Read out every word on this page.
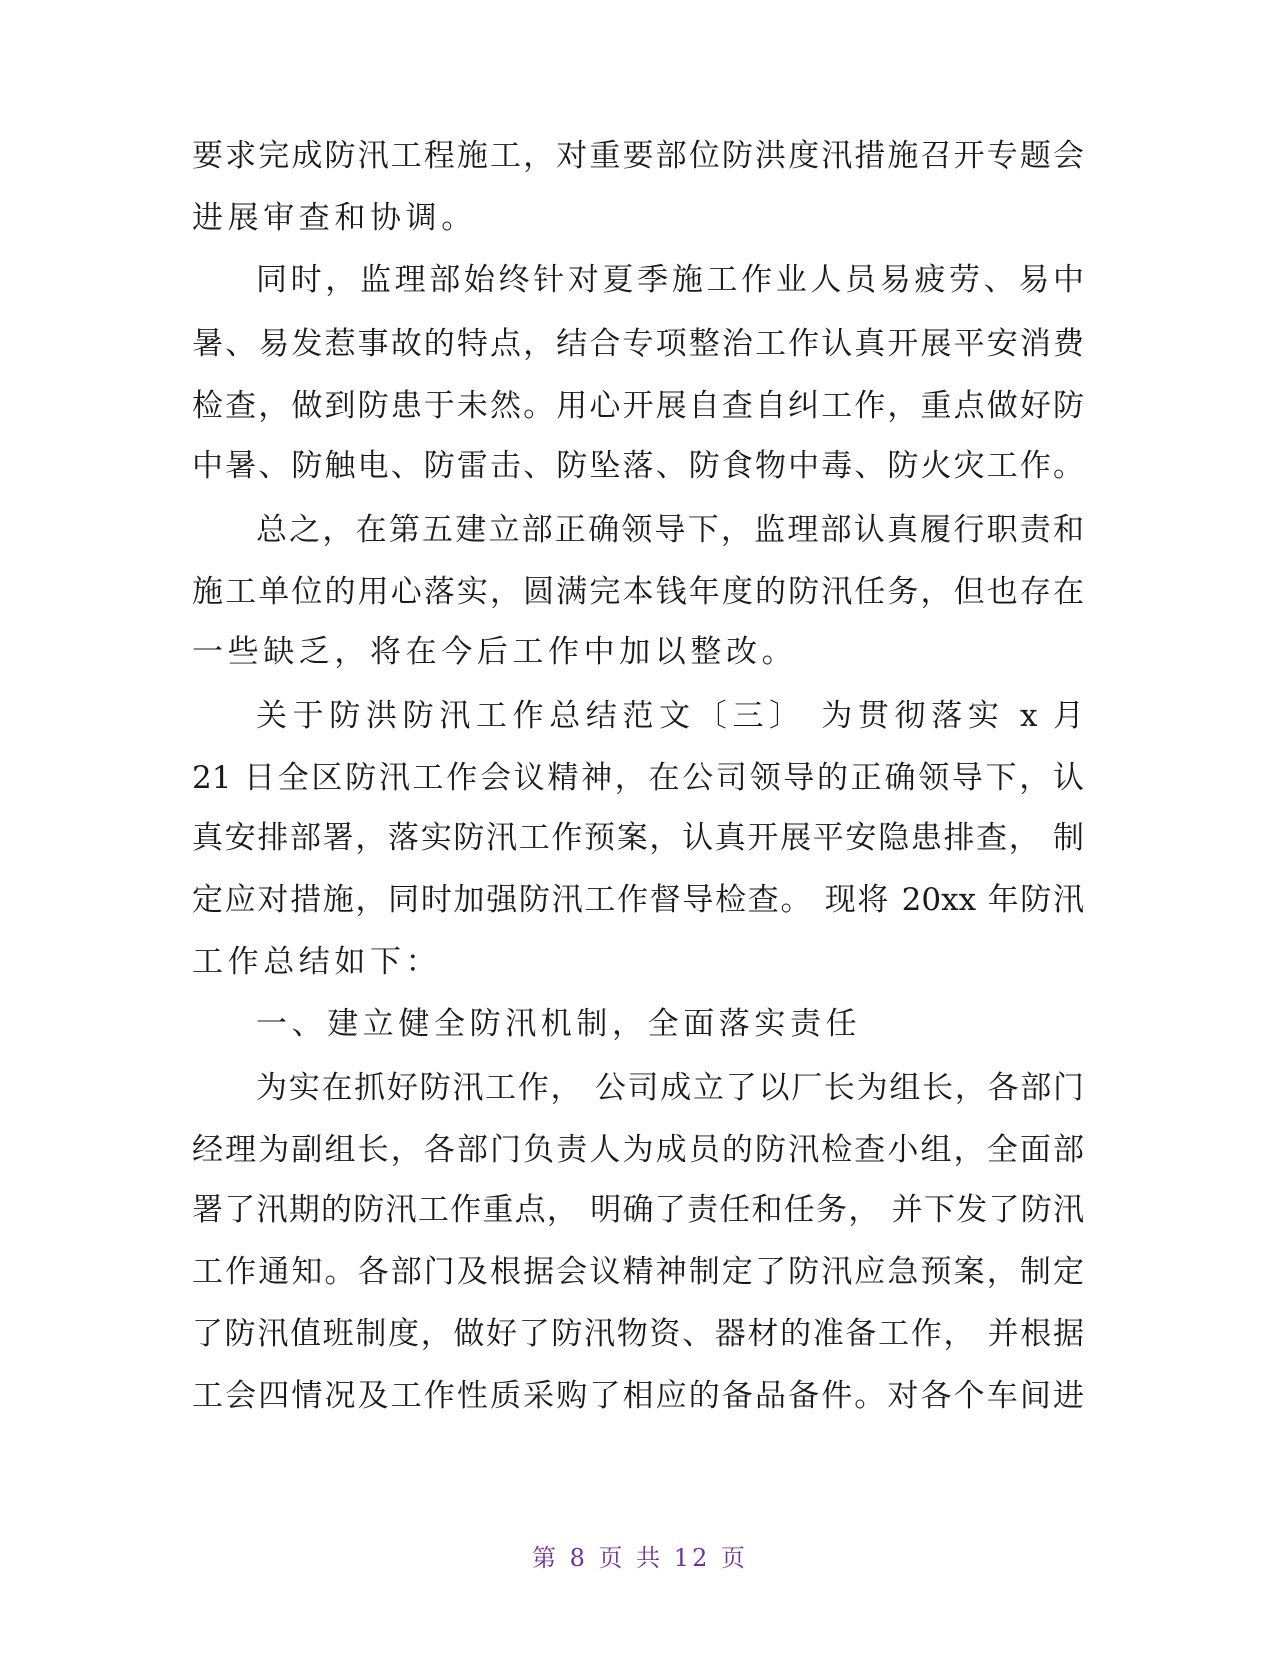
要求完成防汛工程施工，对重要部位防洪度汛措施召开专题会
进展审查和协调。
同时，监理部始终针对夏季施工作业人员易疲劳、易中
暑、易发惹事故的特点，结合专项整治工作认真开展平安消费
检查，做到防患于未然。用心开展自查自纠工作，重点做好防
中暑、防触电、防雷击、防坠落、防食物中毒、防火灾工作。
总之，在第五建立部正确领导下，监理部认真履行职责和
施工单位的用心落实，圆满完本钱年度的防汛任务，但也存在
一些缺乏，将在今后工作中加以整改。
关于防洪防汛工作总结范文〔三〕 为贯彻落实 x 月
21 日全区防汛工作会议精神，在公司领导的正确领导下，认
真安排部署，落实防汛工作预案，认真开展平安隐患排查， 制
定应对措施，同时加强防汛工作督导检查。 现将 20xx 年防汛
工作总结如下：
一、建立健全防汛机制，全面落实责任
为实在抓好防汛工作， 公司成立了以厂长为组长，各部门
经理为副组长，各部门负责人为成员的防汛检查小组，全面部
署了汛期的防汛工作重点， 明确了责任和任务， 并下发了防汛
工作通知。各部门及根据会议精神制定了防汛应急预案，制定
了防汛值班制度，做好了防汛物资、器材的准备工作， 并根据
工会四情况及工作性质采购了相应的备品备件。对各个车间进
第 8 页 共 12 页
